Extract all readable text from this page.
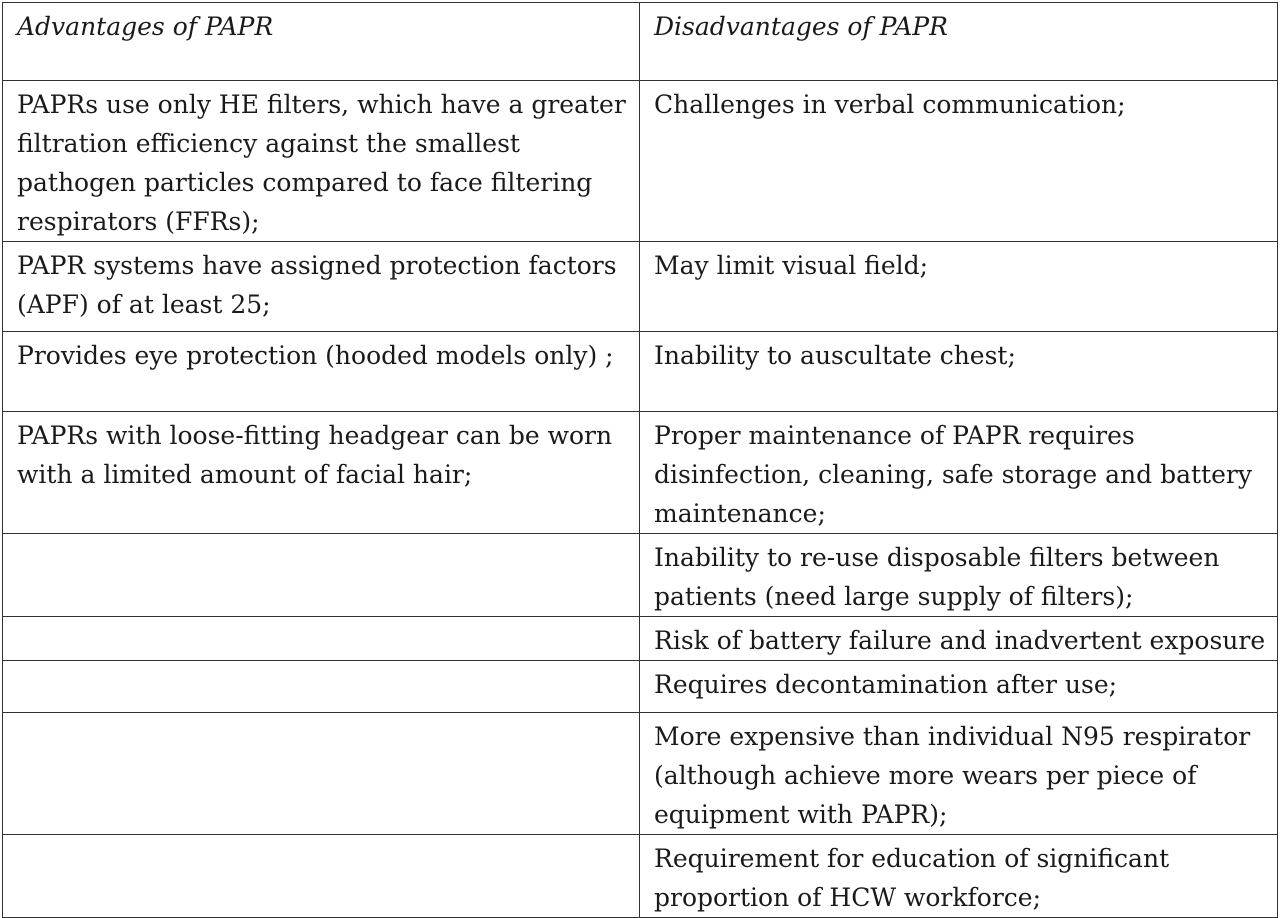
Advantages of PAPR	Disadvantages of PAPR
PAPRs use only HE filters, which have a greater filtration efficiency against the smallest pathogen particles compared to face filtering respirators (FFRs);	Challenges in verbal communication;
PAPR systems have assigned protection factors (APF) of at least 25;	May limit visual field;
Provides eye protection (hooded models only) ;	Inability to auscultate chest;
PAPRs with loose-fitting headgear can be worn with a limited amount of facial hair;	Proper maintenance of PAPR requires disinfection, cleaning, safe storage and battery maintenance;
	Inability to re-use disposable filters between patients (need large supply of filters);
	Risk of battery failure and inadvertent exposure
	Requires decontamination after use;
	More expensive than individual N95 respirator (although achieve more wears per piece of equipment with PAPR);
	Requirement for education of significant proportion of HCW workforce;
